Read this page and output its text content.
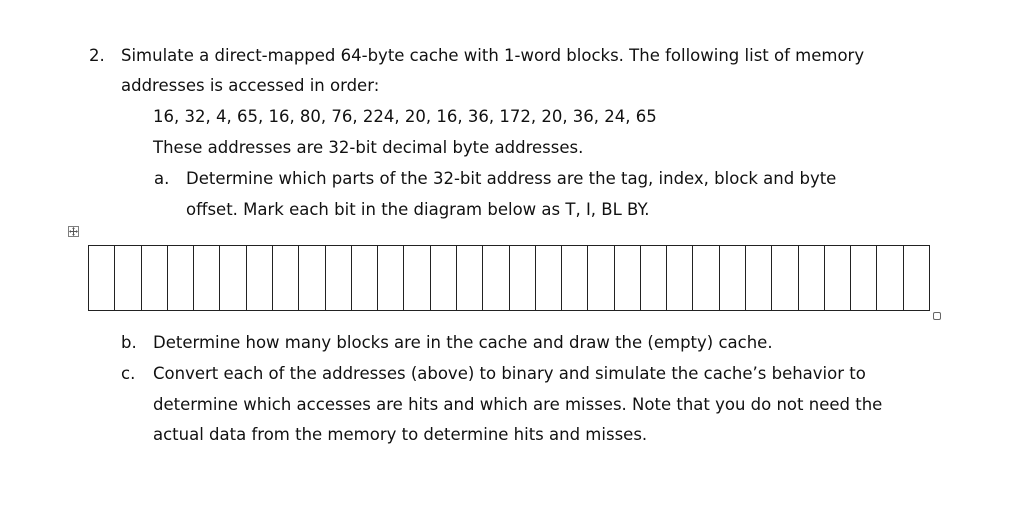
2. Simulate a direct-mapped 64-byte cache with 1-word blocks. The following list of memory
addresses is accessed in order:
16, 32, 4, 65, 16, 80, 76, 224, 20, 16, 36, 172, 20, 36, 24, 65
These addresses are 32-bit decimal byte addresses.
a. Determine which parts of the 32-bit address are the tag, index, block and byte
offset. Mark each bit in the diagram below as T, I, BL BY.
b. Determine how many blocks are in the cache and draw the (empty) cache.
c. Convert each of the addresses (above) to binary and simulate the cache’s behavior to
determine which accesses are hits and which are misses. Note that you do not need the
actual data from the memory to determine hits and misses.
